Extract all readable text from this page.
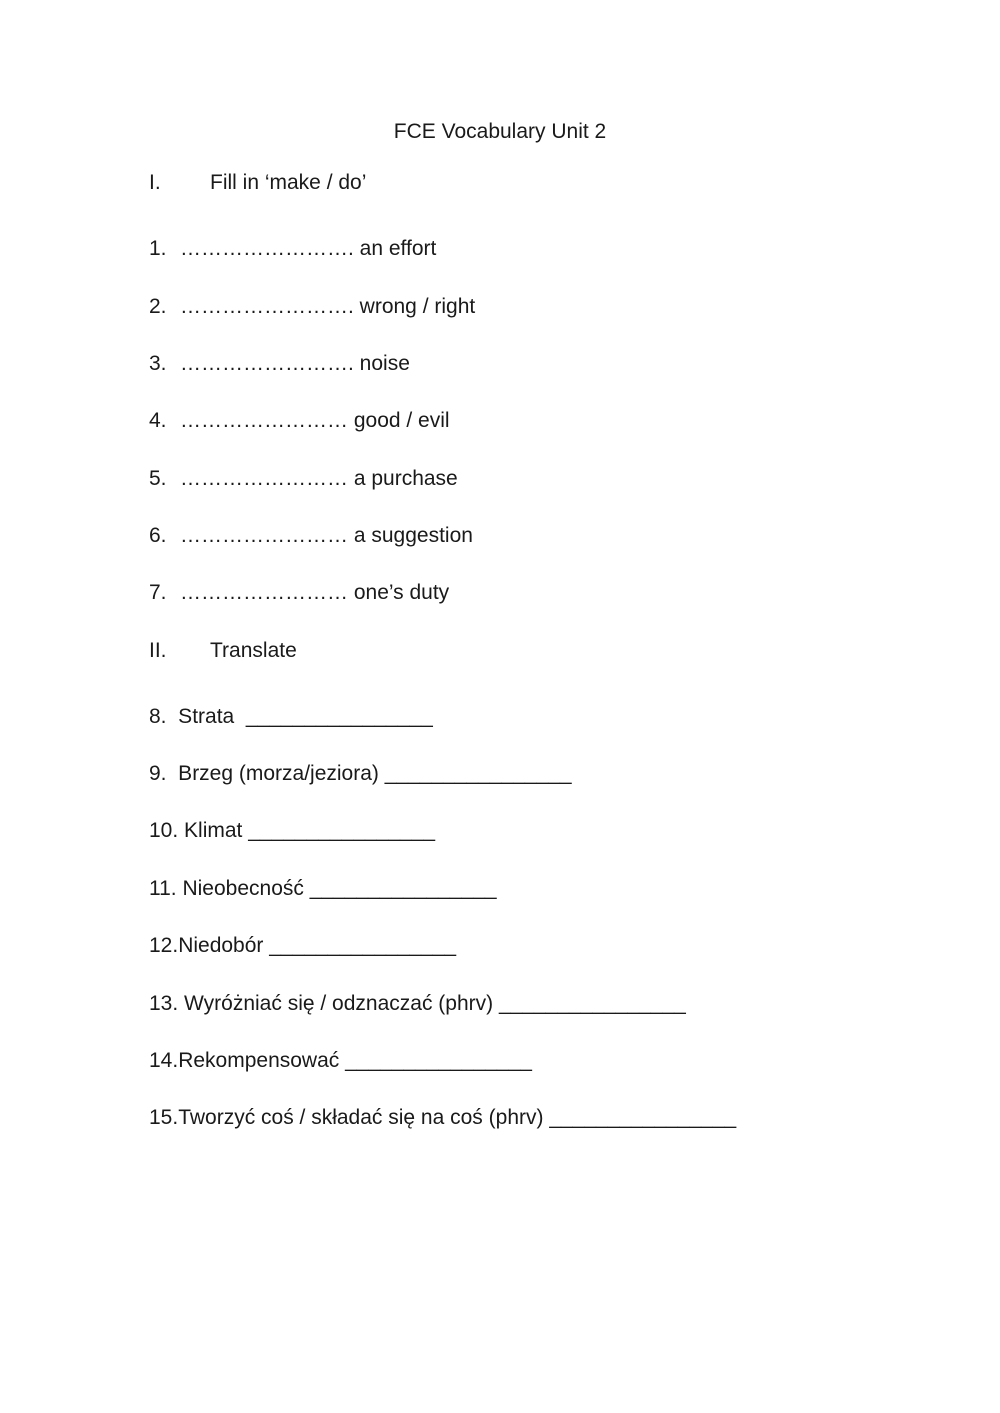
FCE Vocabulary Unit 2
I. Fill in ‘make / do’
1. ……………………. an effort
2. ……………………. wrong / right
3. ……………………. noise
4. …………………… good / evil
5. …………………… a purchase
6. …………………… a suggestion
7. …………………… one’s duty
II. Translate
8.  Strata  ________________
9.  Brzeg (morza/jeziora) ________________
10. Klimat ________________
11. Nieobecność ________________
12.Niedobór ________________
13. Wyróżniać się / odznaczać (phrv) ________________
14.Rekompensować ________________
15.Tworzyć coś / składać się na coś (phrv) ________________
